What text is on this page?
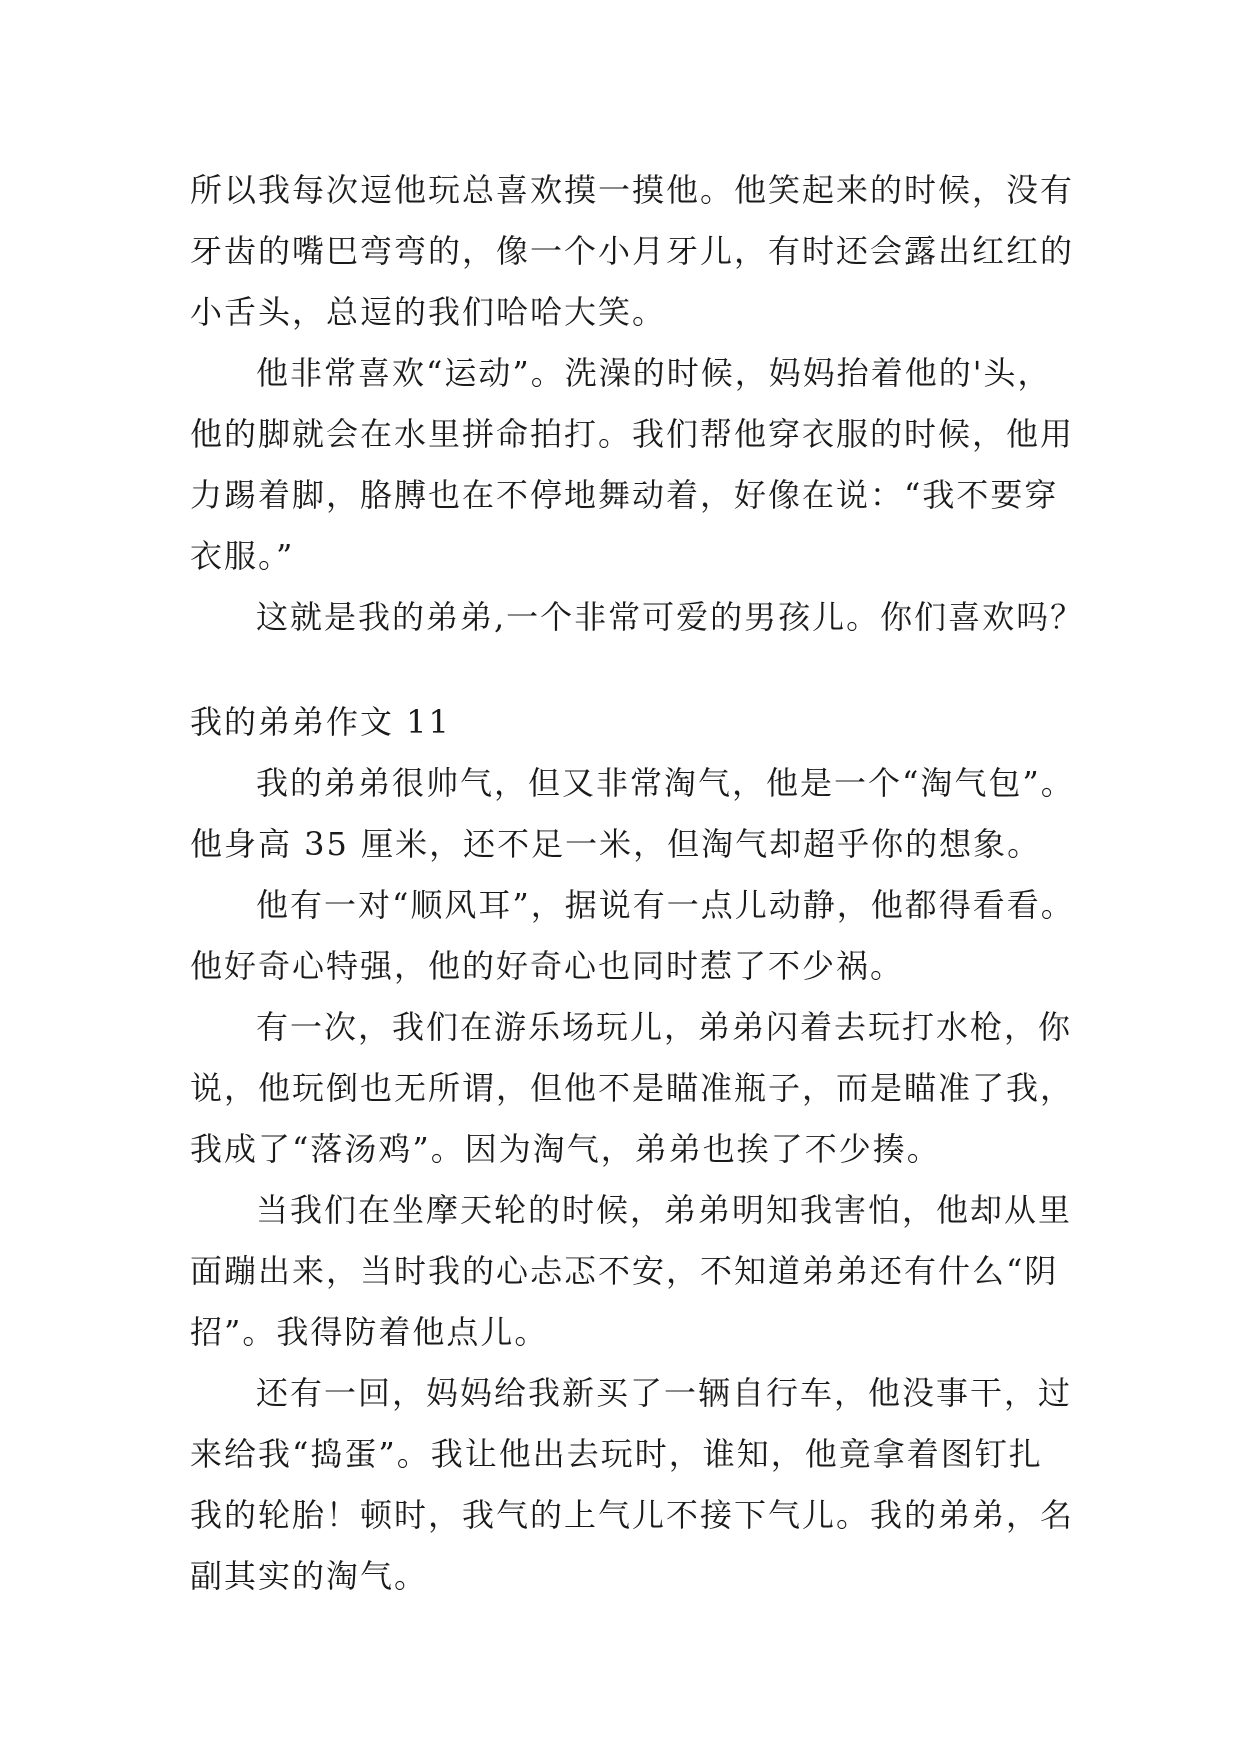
所以我每次逗他玩总喜欢摸一摸他。他笑起来的时候，没有
牙齿的嘴巴弯弯的，像一个小月牙儿，有时还会露出红红的
小舌头，总逗的我们哈哈大笑。
他非常喜欢“运动”。洗澡的时候，妈妈抬着他的'头，
他的脚就会在水里拼命拍打。我们帮他穿衣服的时候，他用
力踢着脚，胳膊也在不停地舞动着，好像在说：“我不要穿
衣服。”
这就是我的弟弟,一个非常可爱的男孩儿。你们喜欢吗？
我的弟弟作文 11
我的弟弟很帅气，但又非常淘气，他是一个“淘气包”。
他身高 35 厘米，还不足一米，但淘气却超乎你的想象。
他有一对“顺风耳”，据说有一点儿动静，他都得看看。
他好奇心特强，他的好奇心也同时惹了不少祸。
有一次，我们在游乐场玩儿，弟弟闪着去玩打水枪，你
说，他玩倒也无所谓，但他不是瞄准瓶子，而是瞄准了我，
我成了“落汤鸡”。因为淘气，弟弟也挨了不少揍。
当我们在坐摩天轮的时候，弟弟明知我害怕，他却从里
面蹦出来，当时我的心忐忑不安，不知道弟弟还有什么“阴
招”。我得防着他点儿。
还有一回，妈妈给我新买了一辆自行车，他没事干，过
来给我“捣蛋”。我让他出去玩时，谁知，他竟拿着图钉扎
我的轮胎！顿时，我气的上气儿不接下气儿。我的弟弟，名
副其实的淘气。
